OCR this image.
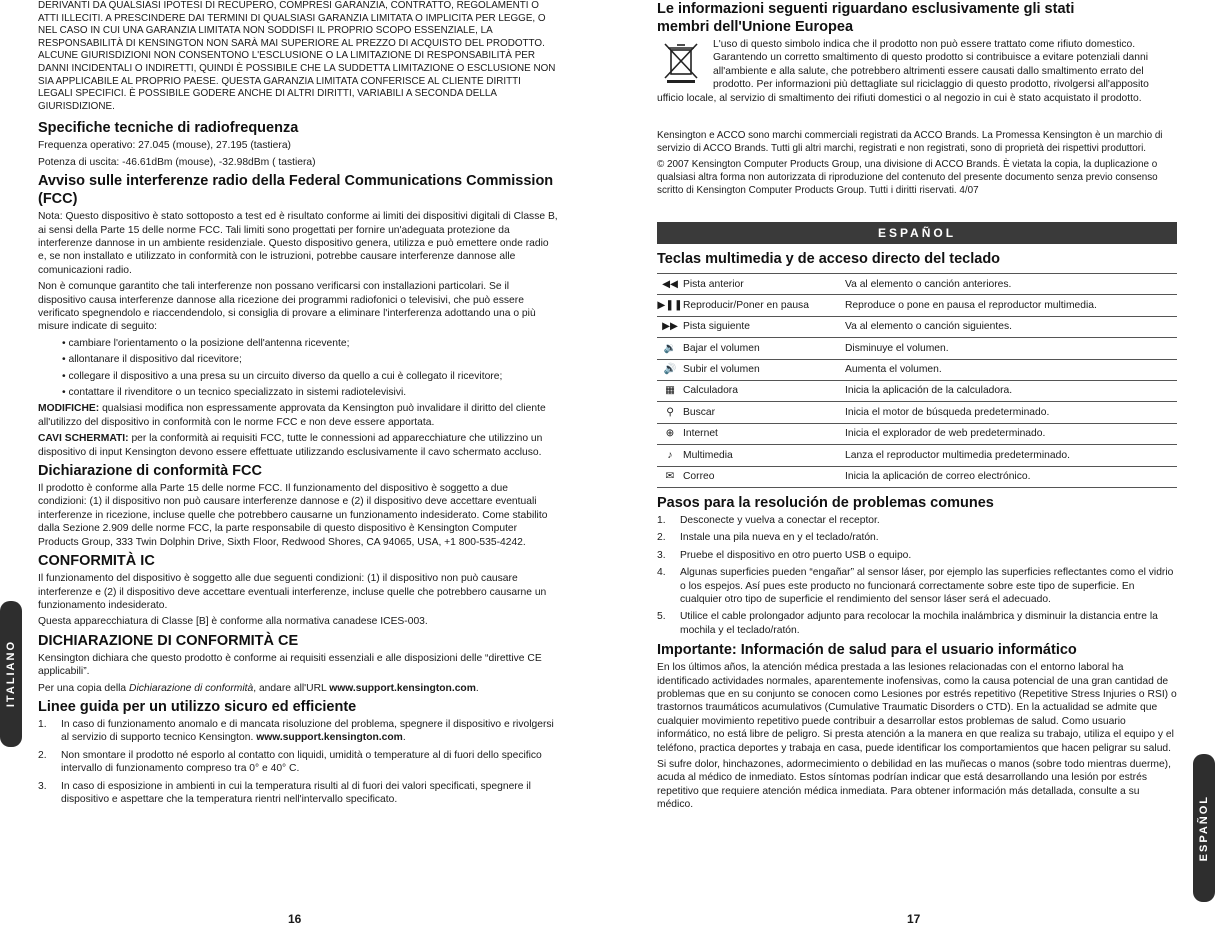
DERIVANTI DA QUALSIASI IPOTESI DI RECUPERO, COMPRESI GARANZIA, CONTRATTO, REGOLAMENTI O ATTI ILLECITI. A PRESCINDERE DAI TERMINI DI QUALSIASI GARANZIA LIMITATA O IMPLICITA PER LEGGE, O NEL CASO IN CUI UNA GARANZIA LIMITATA NON SODDISFI IL PROPRIO SCOPO ESSENZIALE, LA RESPONSABILITÀ DI KENSINGTON NON SARÀ MAI SUPERIORE AL PREZZO DI ACQUISTO DEL PRODOTTO. ALCUNE GIURISDIZIONI NON CONSENTONO L'ESCLUSIONE O LA LIMITAZIONE DI RESPONSABILITÀ PER DANNI INCIDENTALI O INDIRETTI, QUINDI È POSSIBILE CHE LA SUDDETTA LIMITAZIONE O ESCLUSIONE NON SIA APPLICABILE AL PROPRIO PAESE. QUESTA GARANZIA LIMITATA CONFERISCE AL CLIENTE DIRITTI LEGALI SPECIFICI. È POSSIBILE GODERE ANCHE DI ALTRI DIRITTI, VARIABILI A SECONDA DELLA GIURISDIZIONE.

Specifiche tecniche di radiofrequenza

Frequenza operativo: 27.045 (mouse), 27.195 (tastiera)

Potenza di uscita: -46.61dBm (mouse), -32.98dBm ( tastiera)

Avviso sulle interferenze radio della Federal Communications Commission (FCC)

Nota: Questo dispositivo è stato sottoposto a test ed è risultato conforme ai limiti dei dispositivi digitali di Classe B, ai sensi della Parte 15 delle norme FCC. Tali limiti sono progettati per fornire un'adeguata protezione da interferenze dannose in un ambiente residenziale. Questo dispositivo genera, utilizza e può emettere onde radio e, se non installato e utilizzato in conformità con le istruzioni, potrebbe causare interferenze dannose alle comunicazioni radio.

Non è comunque garantito che tali interferenze non possano verificarsi con installazioni particolari. Se il dispositivo causa interferenze dannose alla ricezione dei programmi radiofonici o televisivi, che può essere verificato spegnendolo e riaccendendolo, si consiglia di provare a eliminare l'interferenza adottando una o più misure indicate di seguito:

• cambiare l'orientamento o la posizione dell'antenna ricevente;
• allontanare il dispositivo dal ricevitore;
• collegare il dispositivo a una presa su un circuito diverso da quello a cui è collegato il ricevitore;
• contattare il rivenditore o un tecnico specializzato in sistemi radiotelevisivi.

MODIFICHE: qualsiasi modifica non espressamente approvata da Kensington può invalidare il diritto del cliente all'utilizzo del dispositivo in conformità con le norme FCC e non deve essere apportata.

CAVI SCHERMATI: per la conformità ai requisiti FCC, tutte le connessioni ad apparecchiature che utilizzino un dispositivo di input Kensington devono essere effettuate utilizzando esclusivamente il cavo schermato accluso.

Dichiarazione di conformità FCC

Il prodotto è conforme alla Parte 15 delle norme FCC. Il funzionamento del dispositivo è soggetto a due condizioni: (1) il dispositivo non può causare interferenze dannose e (2) il dispositivo deve accettare eventuali interferenze in ricezione, incluse quelle che potrebbero causarne un funzionamento indesiderato. Come stabilito dalla Sezione 2.909 delle norme FCC, la parte responsabile di questo dispositivo è Kensington Computer Products Group, 333 Twin Dolphin Drive, Sixth Floor, Redwood Shores, CA 94065, USA, +1 800-535-4242.

CONFORMITÀ IC

Il funzionamento del dispositivo è soggetto alle due seguenti condizioni: (1) il dispositivo non può causare interferenze e (2) il dispositivo deve accettare eventuali interferenze, incluse quelle che potrebbero causarne un funzionamento indesiderato.

Questa apparecchiatura di Classe [B] è conforme alla normativa canadese ICES-003.

DICHIARAZIONE DI CONFORMITÀ CE

Kensington dichiara che questo prodotto è conforme ai requisiti essenziali e alle disposizioni delle “direttive CE applicabili”.

Per una copia della Dichiarazione di conformità, andare all'URL www.support.kensington.com.

Linee guida per un utilizzo sicuro ed efficiente
1. In caso di funzionamento anomalo e di mancata risoluzione del problema, spegnere il dispositivo e rivolgersi al servizio di supporto tecnico Kensington. www.support.kensington.com.
2. Non smontare il prodotto né esporlo al contatto con liquidi, umidità o temperature al di fuori dello specifico intervallo di funzionamento compreso tra 0° e 40° C.
3. In caso di esposizione in ambienti in cui la temperatura risulti al di fuori dei valori specificati, spegnere il dispositivo e aspettare che la temperatura rientri nell'intervallo specificato.
ITALIANO
16
Le informazioni seguenti riguardano esclusivamente gli stati membri dell'Unione Europea

L'uso di questo simbolo indica che il prodotto non può essere trattato come rifiuto domestico. Garantendo un corretto smaltimento di questo prodotto si contribuisce a evitare potenziali danni all'ambiente e alla salute, che potrebbero altrimenti essere causati dallo smaltimento errato del prodotto. Per informazioni più dettagliate sul riciclaggio di questo prodotto, rivolgersi all'apposito ufficio locale, al servizio di smaltimento dei rifiuti domestici o al negozio in cui è stato acquistato il prodotto.

Kensington e ACCO sono marchi commerciali registrati da ACCO Brands. La Promessa Kensington è un marchio di servizio di ACCO Brands. Tutti gli altri marchi, registrati e non registrati, sono di proprietà dei rispettivi produttori.

© 2007 Kensington Computer Products Group, una divisione di ACCO Brands. È vietata la copia, la duplicazione o qualsiasi altra forma non autorizzata di riproduzione del contenuto del presente documento senza previo consenso scritto di Kensington Computer Products Group. Tutti i diritti riservati. 4/07

ESPAÑOL
Teclas multimedia y de acceso directo del teclado
◀◀	Pista anterior	Va al elemento o canción anteriores.
▶❚❚	Reproducir/Poner en pausa	Reproduce o pone en pausa el reproductor multimedia.
▶▶	Pista siguiente	Va al elemento o canción siguientes.
🔉	Bajar el volumen	Disminuye el volumen.
🔊	Subir el volumen	Aumenta el volumen.
▦	Calculadora	Inicia la aplicación de la calculadora.
⚲	Buscar	Inicia el motor de búsqueda predeterminado.
⊕	Internet	Inicia el explorador de web predeterminado.
♪	Multimedia	Lanza el reproductor multimedia predeterminado.
✉	Correo	Inicia la aplicación de correo electrónico.
Pasos para la resolución de problemas comunes
1. Desconecte y vuelva a conectar el receptor.
2. Instale una pila nueva en y el teclado/ratón.
3. Pruebe el dispositivo en otro puerto USB o equipo.
4. Algunas superficies pueden “engañar” al sensor láser, por ejemplo las superficies reflectantes como el vidrio o los espejos. Así pues este producto no funcionará correctamente sobre este tipo de superficie. En cualquier otro tipo de superficie el rendimiento del sensor láser será el adecuado.
5. Utilice el cable prolongador adjunto para recolocar la mochila inalámbrica y disminuir la distancia entre la mochila y el teclado/ratón.
Importante: Información de salud para el usuario informático

En los últimos años, la atención médica prestada a las lesiones relacionadas con el entorno laboral ha identificado actividades normales, aparentemente inofensivas, como la causa potencial de una gran cantidad de problemas que en su conjunto se conocen como Lesiones por estrés repetitivo (Repetitive Stress Injuries o RSI) o trastornos traumáticos acumulativos (Cumulative Traumatic Disorders o CTD). En la actualidad se admite que cualquier movimiento repetitivo puede contribuir a desarrollar estos problemas de salud. Como usuario informático, no está libre de peligro. Si presta atención a la manera en que realiza su trabajo, utiliza el equipo y el teléfono, practica deportes y trabaja en casa, puede identificar los comportamientos que hacen peligrar su salud.

Si sufre dolor, hinchazones, adormecimiento o debilidad en las muñecas o manos (sobre todo mientras duerme), acuda al médico de inmediato. Estos síntomas podrían indicar que está desarrollando una lesión por estrés repetitivo que requiere atención médica inmediata. Para obtener información más detallada, consulte a su médico.	ESPAÑOL
17
